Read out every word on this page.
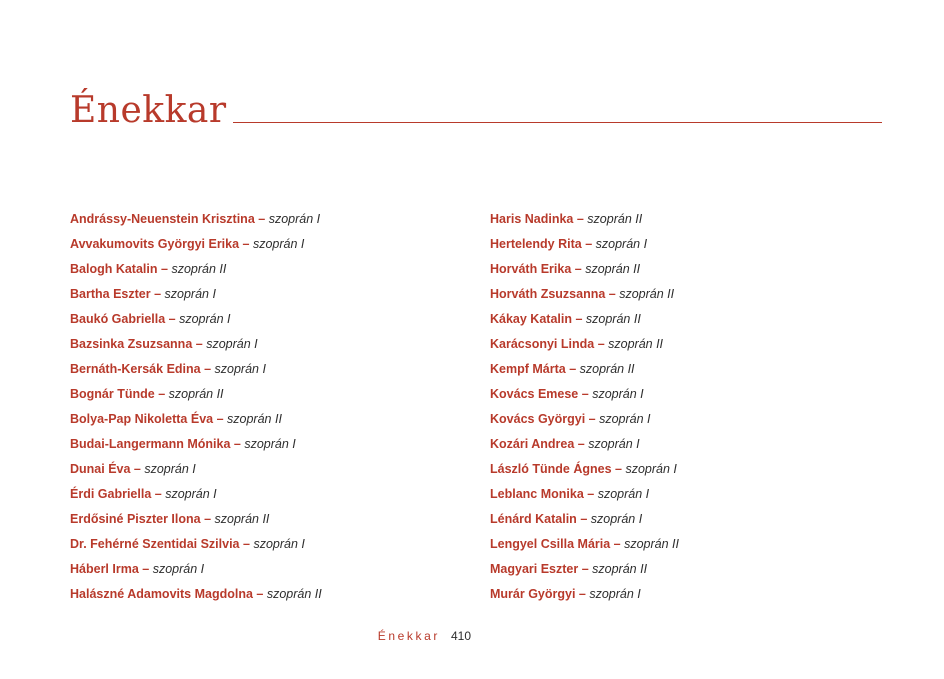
Énekkar
Andrássy-Neuenstein Krisztina – szoprán I
Avvakumovits Györgyi Erika – szoprán I
Balogh Katalin – szoprán II
Bartha Eszter – szoprán I
Baukó Gabriella – szoprán I
Bazsinka Zsuzsanna – szoprán I
Bernáth-Kersák Edina – szoprán I
Bognár Tünde – szoprán II
Bolya-Pap Nikoletta Éva – szoprán II
Budai-Langermann Mónika – szoprán I
Dunai Éva – szoprán I
Érdi Gabriella – szoprán I
Erdősiné Piszter Ilona – szoprán II
Dr. Fehérné Szentidai Szilvia – szoprán I
Háberl Irma – szoprán I
Halászné Adamovits Magdolna – szoprán II
Haris Nadinka – szoprán II
Hertelendy Rita – szoprán I
Horváth Erika – szoprán II
Horváth Zsuzsanna – szoprán II
Kákay Katalin – szoprán II
Karácsonyi Linda – szoprán II
Kempf Márta – szoprán II
Kovács Emese – szoprán I
Kovács Györgyi – szoprán I
Kozári Andrea – szoprán I
László Tünde Ágnes – szoprán I
Leblanc Monika – szoprán I
Lénárd Katalin – szoprán I
Lengyel Csilla Mária – szoprán II
Magyari Eszter – szoprán II
Murár Györgyi – szoprán I
Énekkar 410
